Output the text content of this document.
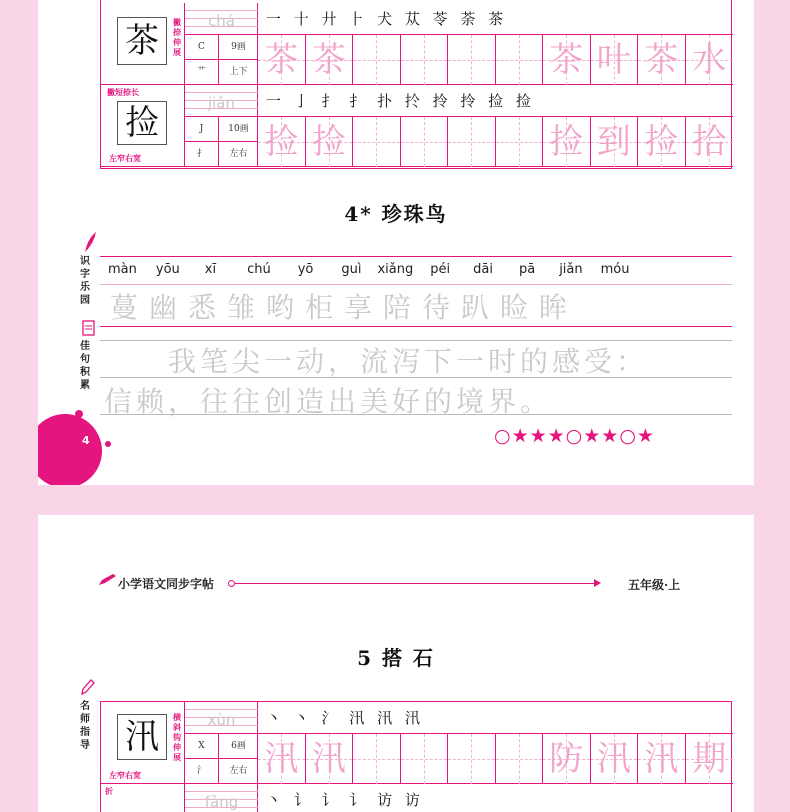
茶	撇捺伸展
chá
C	9画
艹	上下
一 十 廾 ⺊ 犬 苁 苓 荼 茶
茶 茶	茶 叶 茶 水
撇短捺长
捡
左窄右宽
jiǎn
J	10画
扌	左右
一 亅 扌 扌 扑 扵 拎 拎 捡 捡
捡 捡	捡 到 捡 拾
4* 珍珠鸟
识字乐园
佳句积累
màn yōu xī chú yō guì xiǎng péi dāi pā jiǎn móu
蔓幽悉雏哟柜享陪待趴睑眸
我笔尖一动，流泻下一时的感受：
信赖，往往创造出美好的境界。
○★★★○★★○★
4
小学语文同步字帖	五年级·上
5 搭 石
名师指导 汛	横斜钩伸展
左窄右宽
xùn
X	6画
氵	左右
丶 丶 氵 汛 汛 汛
汛 汛	防 汛 汛 期
折
fǎng	丶 讠 讠 讠 访 访
